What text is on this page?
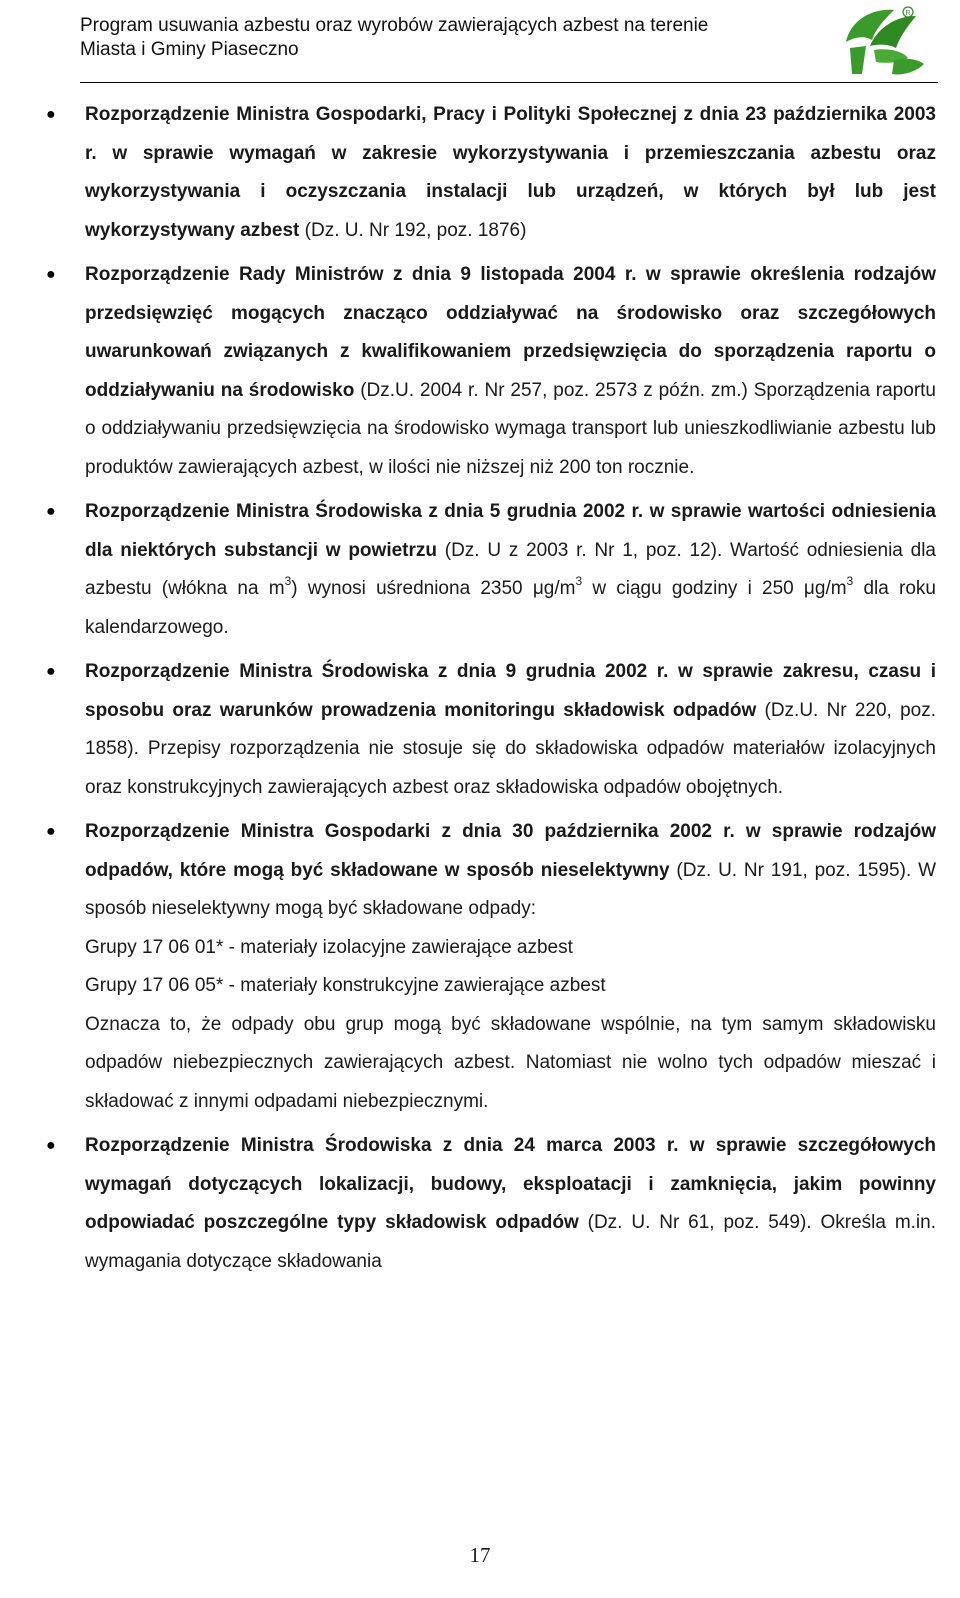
Program usuwania azbestu oraz wyrobów zawierających azbest na terenie
Miasta i Gminy Piaseczno
R
● Rozporządzenie Ministra Gospodarki, Pracy i Polityki Społecznej z dnia 23 października 2003 r. w sprawie wymagań w zakresie wykorzystywania i przemieszczania azbestu oraz wykorzystywania i oczyszczania instalacji lub urządzeń, w których był lub jest wykorzystywany azbest (Dz. U. Nr 192, poz. 1876)
● Rozporządzenie Rady Ministrów z dnia 9 listopada 2004 r. w sprawie określenia rodzajów przedsięwzięć mogących znacząco oddziaływać na środowisko oraz szczegółowych uwarunkowań związanych z kwalifikowaniem przedsięwzięcia do sporządzenia raportu o oddziaływaniu na środowisko (Dz.U. 2004 r. Nr 257, poz. 2573 z późn. zm.) Sporządzenia raportu o oddziaływaniu przedsięwzięcia na środowisko wymaga transport lub unieszkodliwianie azbestu lub produktów zawierających azbest, w ilości nie niższej niż 200 ton rocznie.
● Rozporządzenie Ministra Środowiska z dnia 5 grudnia 2002 r. w sprawie wartości odniesienia dla niektórych substancji w powietrzu (Dz. U z 2003 r. Nr 1, poz. 12). Wartość odniesienia dla azbestu (włókna na $m^3$) wynosi uśredniona 2350 $\mu g/m^3$ w ciągu godziny i 250 $\mu g/m^3$ dla roku kalendarzowego.
● Rozporządzenie Ministra Środowiska z dnia 9 grudnia 2002 r. w sprawie zakresu, czasu i sposobu oraz warunków prowadzenia monitoringu składowisk odpadów (Dz.U. Nr 220, poz. 1858). Przepisy rozporządzenia nie stosuje się do składowiska odpadów materiałów izolacyjnych oraz konstrukcyjnych zawierających azbest oraz składowiska odpadów obojętnych.
● Rozporządzenie Ministra Gospodarki z dnia 30 października 2002 r. w sprawie rodzajów odpadów, które mogą być składowane w sposób nieselektywny (Dz. U. Nr 191, poz. 1595). W sposób nieselektywny mogą być składowane odpady:
Grupy 17 06 01* - materiały izolacyjne zawierające azbest
Grupy 17 06 05* - materiały konstrukcyjne zawierające azbest
Oznacza to, że odpady obu grup mogą być składowane wspólnie, na tym samym składowisku odpadów niebezpiecznych zawierających azbest. Natomiast nie wolno tych odpadów mieszać i składować z innymi odpadami niebezpiecznymi.
● Rozporządzenie Ministra Środowiska z dnia 24 marca 2003 r. w sprawie szczegółowych wymagań dotyczących lokalizacji, budowy, eksploatacji i zamknięcia, jakim powinny odpowiadać poszczególne typy składowisk odpadów (Dz. U. Nr 61, poz. 549). Określa m.in. wymagania dotyczące składowania
17
